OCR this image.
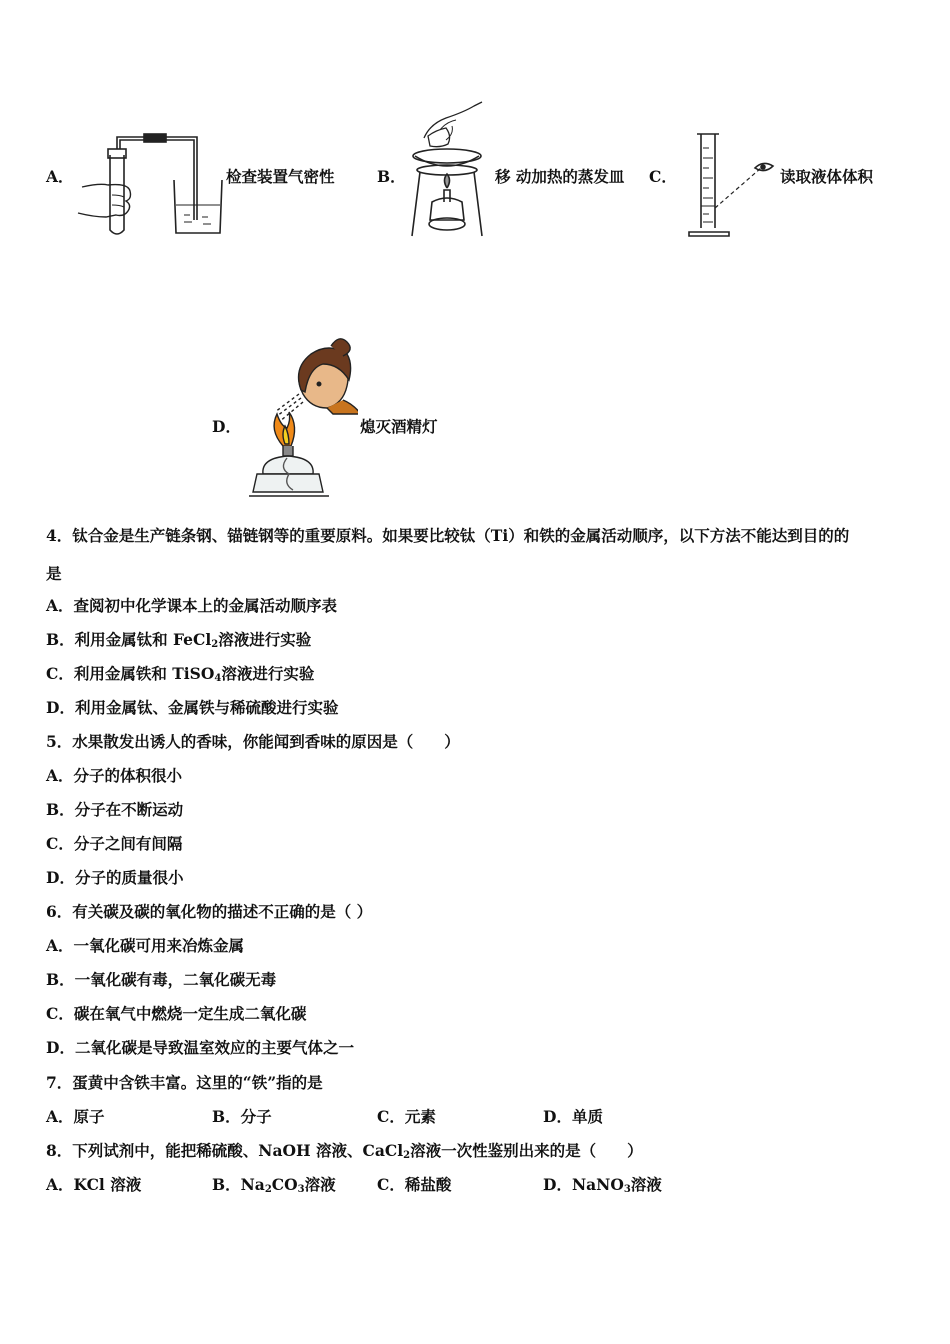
A．	检查装置气密性	B．	移 动加热的蒸发皿 C．	读取液体体积
D．	熄灭酒精灯
4．钛合金是生产链条钢、锚链钢等的重要原料。如果要比较钛（Ti）和铁的金属活动顺序，以下方法不能达到目的的
是
A．查阅初中化学课本上的金属活动顺序表
B．利用金属钛和 FeCl$_2$溶液进行实验
C．利用金属铁和 TiSO$_4$溶液进行实验
D．利用金属钛、金属铁与稀硫酸进行实验
5．水果散发出诱人的香味，你能闻到香味的原因是（　　）
A．分子的体积很小
B．分子在不断运动
C．分子之间有间隔
D．分子的质量很小
6．有关碳及碳的氧化物的描述不正确的是（ ）
A．一氧化碳可用来冶炼金属
B．一氧化碳有毒，二氧化碳无毒
C．碳在氧气中燃烧一定生成二氧化碳
D．二氧化碳是导致温室效应的主要气体之一
7．蛋黄中含铁丰富。这里的“铁”指的是
A．原子	B．分子	C．元素	D．单质
8．下列试剂中，能把稀硫酸、NaOH 溶液、CaCl$_2$溶液一次性鉴别出来的是（　　）
A．KCl 溶液	B．$Na_2CO_3$溶液	C．稀盐酸	D．NaNO$_3$溶液
